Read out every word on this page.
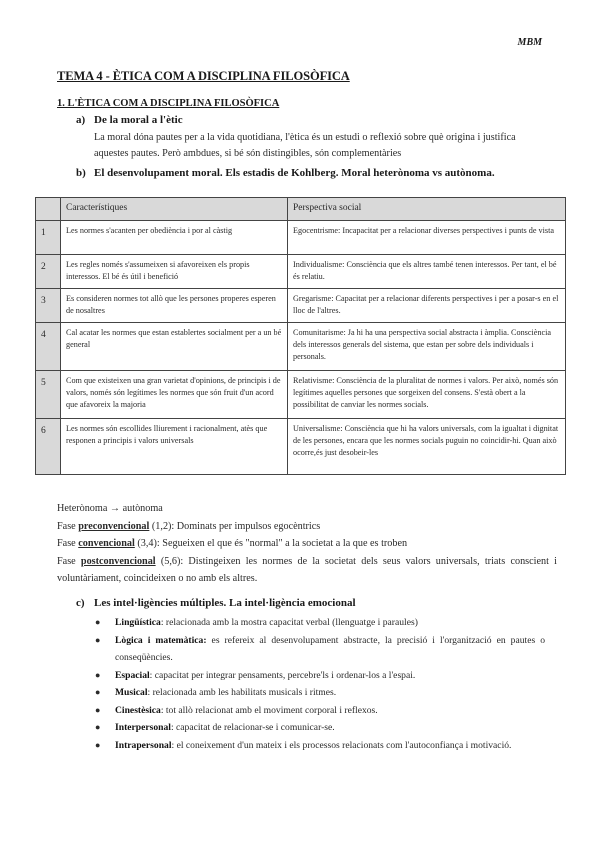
MBM
TEMA 4 - ÈTICA COM A DISCIPLINA FILOSÒFICA
1. L'ÈTICA COM A DISCIPLINA FILOSÒFICA
a) De la moral a l'ètic
La moral dóna pautes per a la vida quotidiana, l'ètica és un estudi o reflexió sobre què origina i justifica
aquestes pautes. Però ambdues, si bé són distingibles, són complementàries
b) El desenvolupament moral. Els estadis de Kohlberg. Moral heterònoma vs autònoma.
	Característiques	Perspectiva social
1	Les normes s'acanten per obediència i por al càstig	Egocentrisme: Incapacitat per a relacionar diverses perspectives i punts de vista
2	Les regles només s'assumeixen si afavoreixen els propis interessos. El bé és útil i benefició	Individualisme: Consciència que els altres també tenen interessos. Per tant, el bé és relatiu.
3	Es consideren normes tot allò que les persones properes esperen de nosaltres	Gregarisme: Capacitat per a relacionar diferents perspectives i per a posar-s en el lloc de l'altres.
4	Cal acatar les normes que estan establertes socialment per a un bé general	Comunitarisme: Ja hi ha una perspectiva social abstracta i àmplia. Consciència dels interessos generals del sistema, que estan per sobre dels individuals i personals.
5	Com que existeixen una gran varietat d'opinions, de principis i de valors, només són legítimes les normes que són fruit d'un acord que afavoreix la majoria	Relativisme: Consciència de la pluralitat de normes i valors. Per això, només són legítimes aquelles persones que sorgeixen del consens. S'està obert a la possibilitat de canviar les normes socials.
6	Les normes són escollides lliurement i racionalment, atès que responen a principis i valors universals	Universalisme: Consciència que hi ha valors universals, com la igualtat i dignitat de les persones, encara que les normes socials puguin no coincidir-hi. Quan això ocorre,és just desobeir-les
Heterònoma → autònoma
Fase preconvencional (1,2): Dominats per impulsos egocèntrics
Fase convencional (3,4): Segueixen el que és "normal" a la societat a la que es troben
Fase postconvencional (5,6): Distingeixen les normes de la societat dels seus valors universals, triats conscient i voluntàriament, coincideixen o no amb els altres.
c) Les intel·ligències múltiples. La intel·ligència emocional
● Lingüística: relacionada amb la mostra capacitat verbal (llenguatge i paraules)
● Lògica i matemàtica: es refereix al desenvolupament abstracte, la precisió i l'organització en pautes o conseqüències.
● Espacial: capacitat per integrar pensaments, percebre'ls i ordenar-los a l'espai.
● Musical: relacionada amb les habilitats musicals i ritmes.
● Cinestèsica: tot allò relacionat amb el moviment corporal i reflexos.
● Interpersonal: capacitat de relacionar-se i comunicar-se.
● Intrapersonal: el coneixement d'un mateix i els processos relacionats com l'autoconfiança i motivació.
